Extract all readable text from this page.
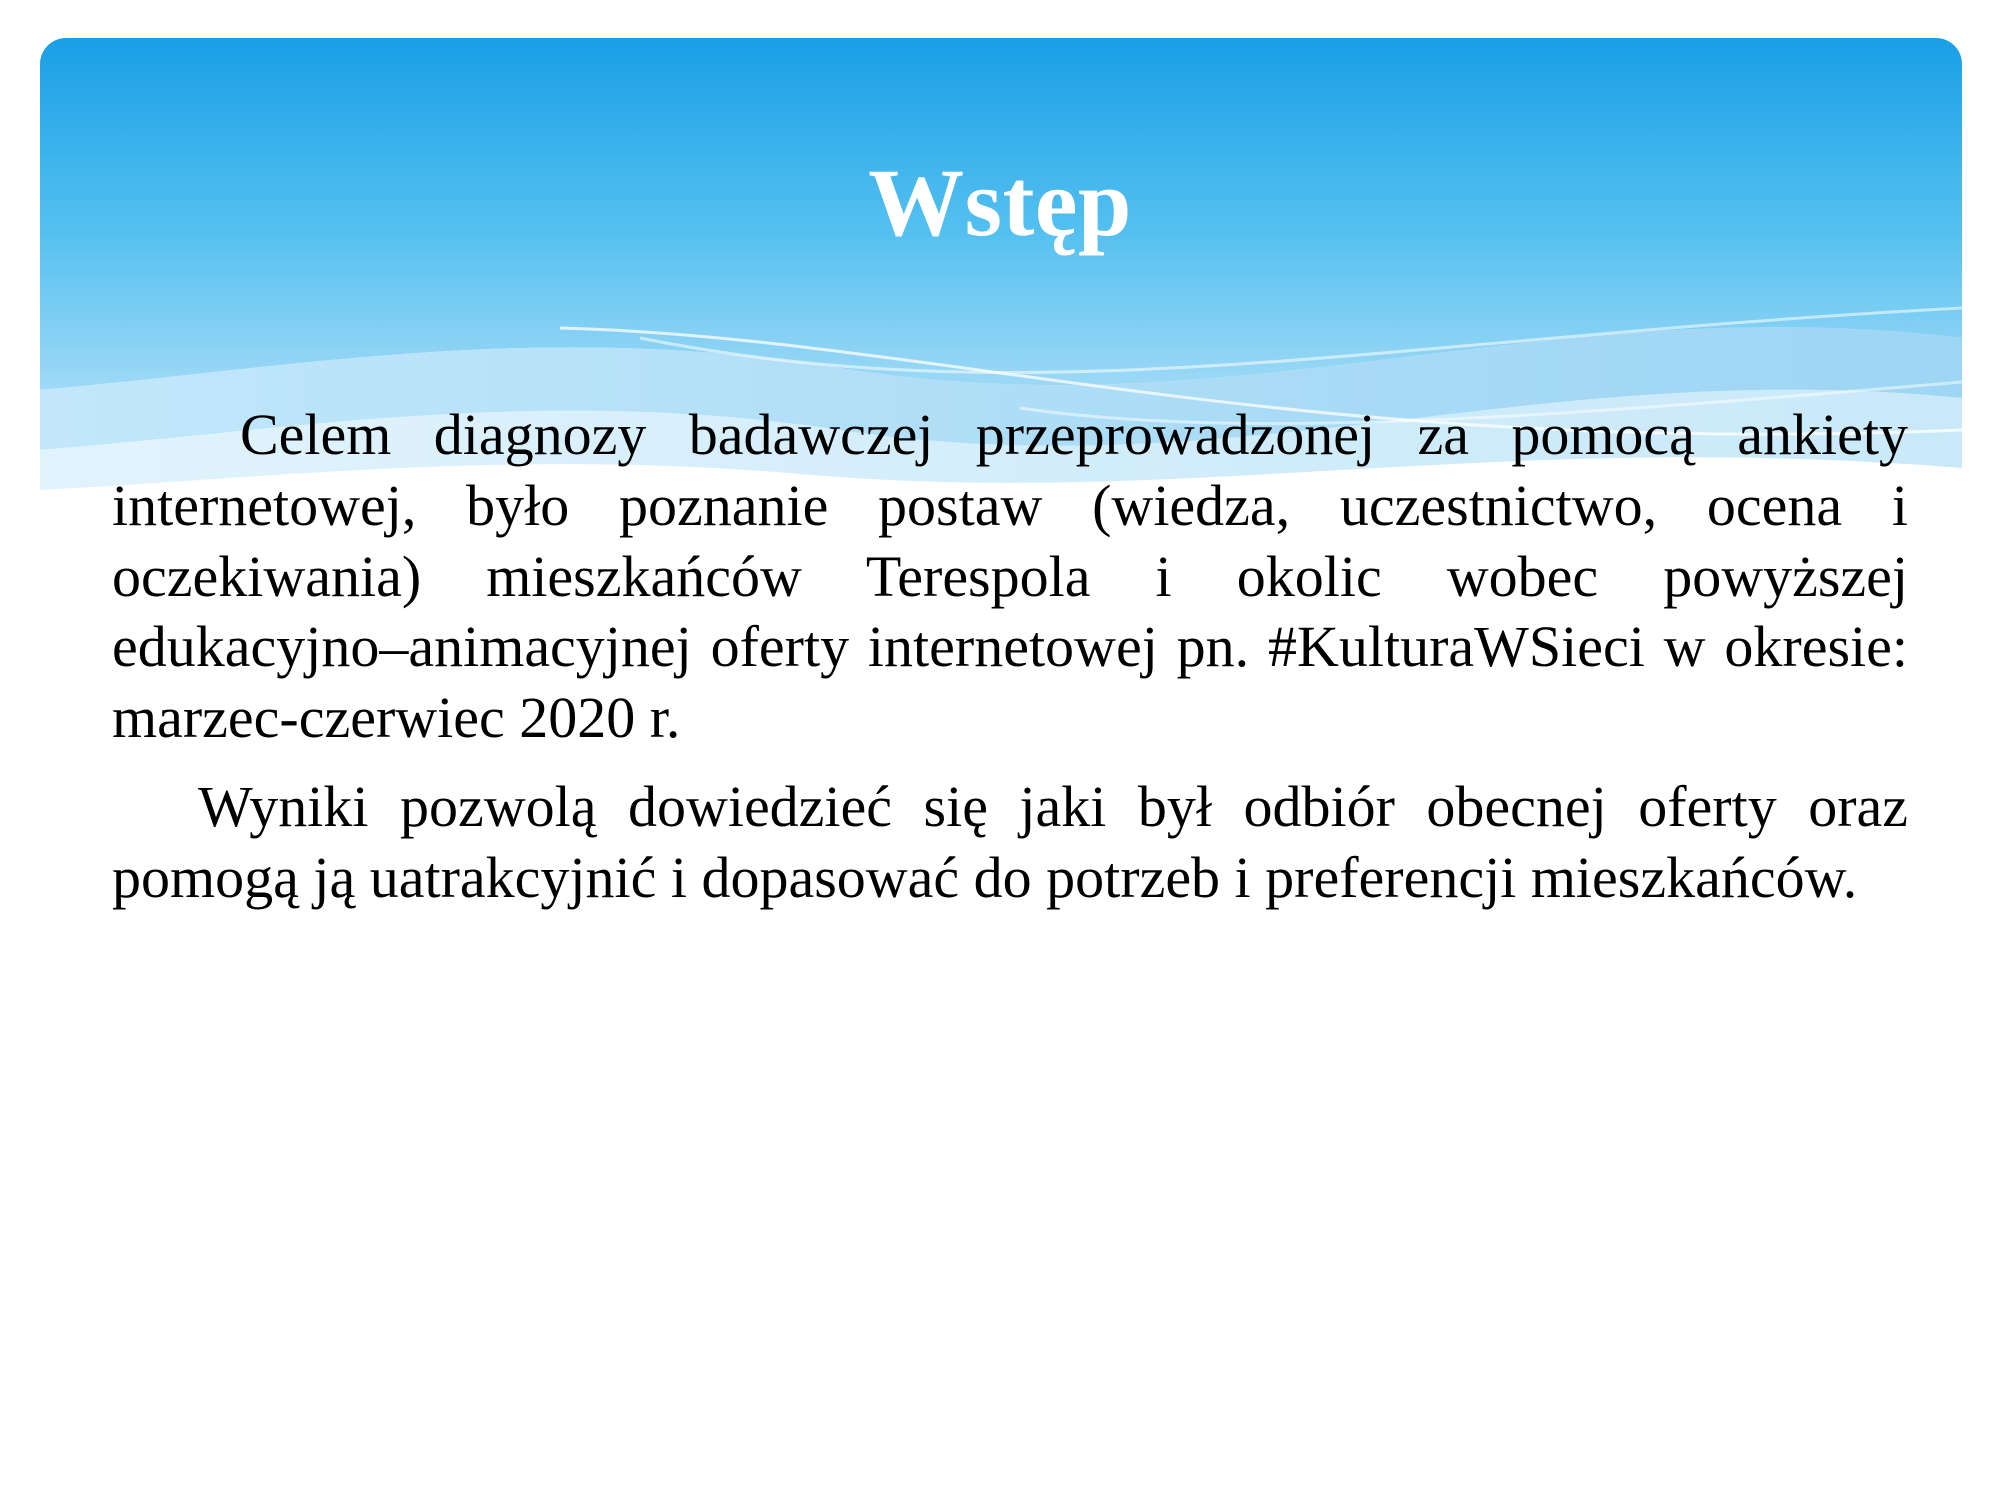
Wstęp

Celem diagnozy badawczej przeprowadzonej za pomocą ankiety internetowej, było poznanie postaw (wiedza, uczestnictwo, ocena i oczekiwania) mieszkańców Terespola i okolic wobec powyższej edukacyjno–animacyjnej oferty internetowej pn. #KulturaWSieci w okresie: marzec-czerwiec 2020 r.

Wyniki pozwolą dowiedzieć się jaki był odbiór obecnej oferty oraz pomogą ją uatrakcyjnić i dopasować do potrzeb i preferencji mieszkańców.
